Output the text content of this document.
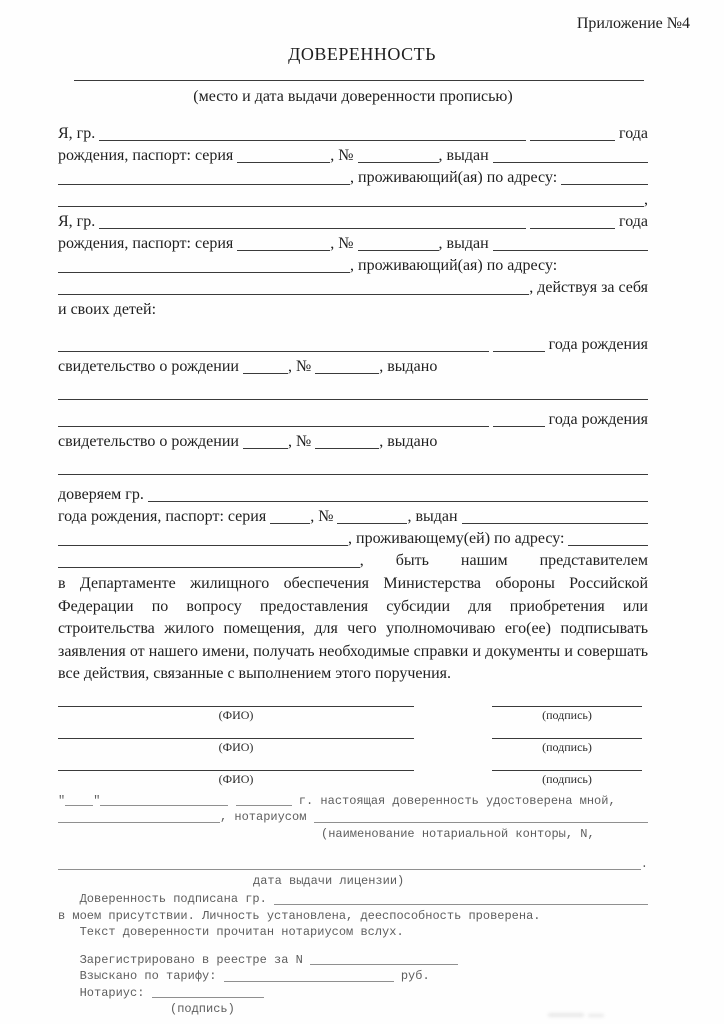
Приложение №4
ДОВЕРЕННОСТЬ
(место и дата выдачи доверенности прописью)
Я, гр.
	года
рождения, паспорт: серия	, №	, выдан
, проживающий(ая) по адресу:
,
Я, гр.
	года
рождения, паспорт: серия	, №	, выдан
, проживающий(ая) по адресу:
, действуя за себя
и своих детей:

года рождения
свидетельство о рождении	, №	, выдано

года рождения
свидетельство о рождении	, №	, выдано
доверяем гр.
года рождения, паспорт: серия	, №	, выдан
, проживающему(ей) по адресу:
, быть нашим представителем
в Департаменте жилищного обеспечения Министерства обороны Российской Федерации по вопросу предоставления субсидии для приобретения или строительства жилого помещения, для чего уполномочиваю его(ее) подписывать заявления от нашего имени, получать необходимые справки и документы и совершать все действия, связанные с выполнением этого поручения.
(ФИО)	(подпись)
(ФИО)	(подпись)
(ФИО)	(подпись)
" "
	г. настоящая доверенность удостоверена мной,
, нотариусом
(наименование нотариальной конторы, N,
.
дата выдачи лицензии)
Доверенность подписана гр.
в моем присутствии. Личность установлена, дееспособность проверена.
Текст доверенности прочитан нотариусом вслух.
Зарегистрировано в реестре за N
Взыскано по тарифу:	руб.
Нотариус:
(подпись)
